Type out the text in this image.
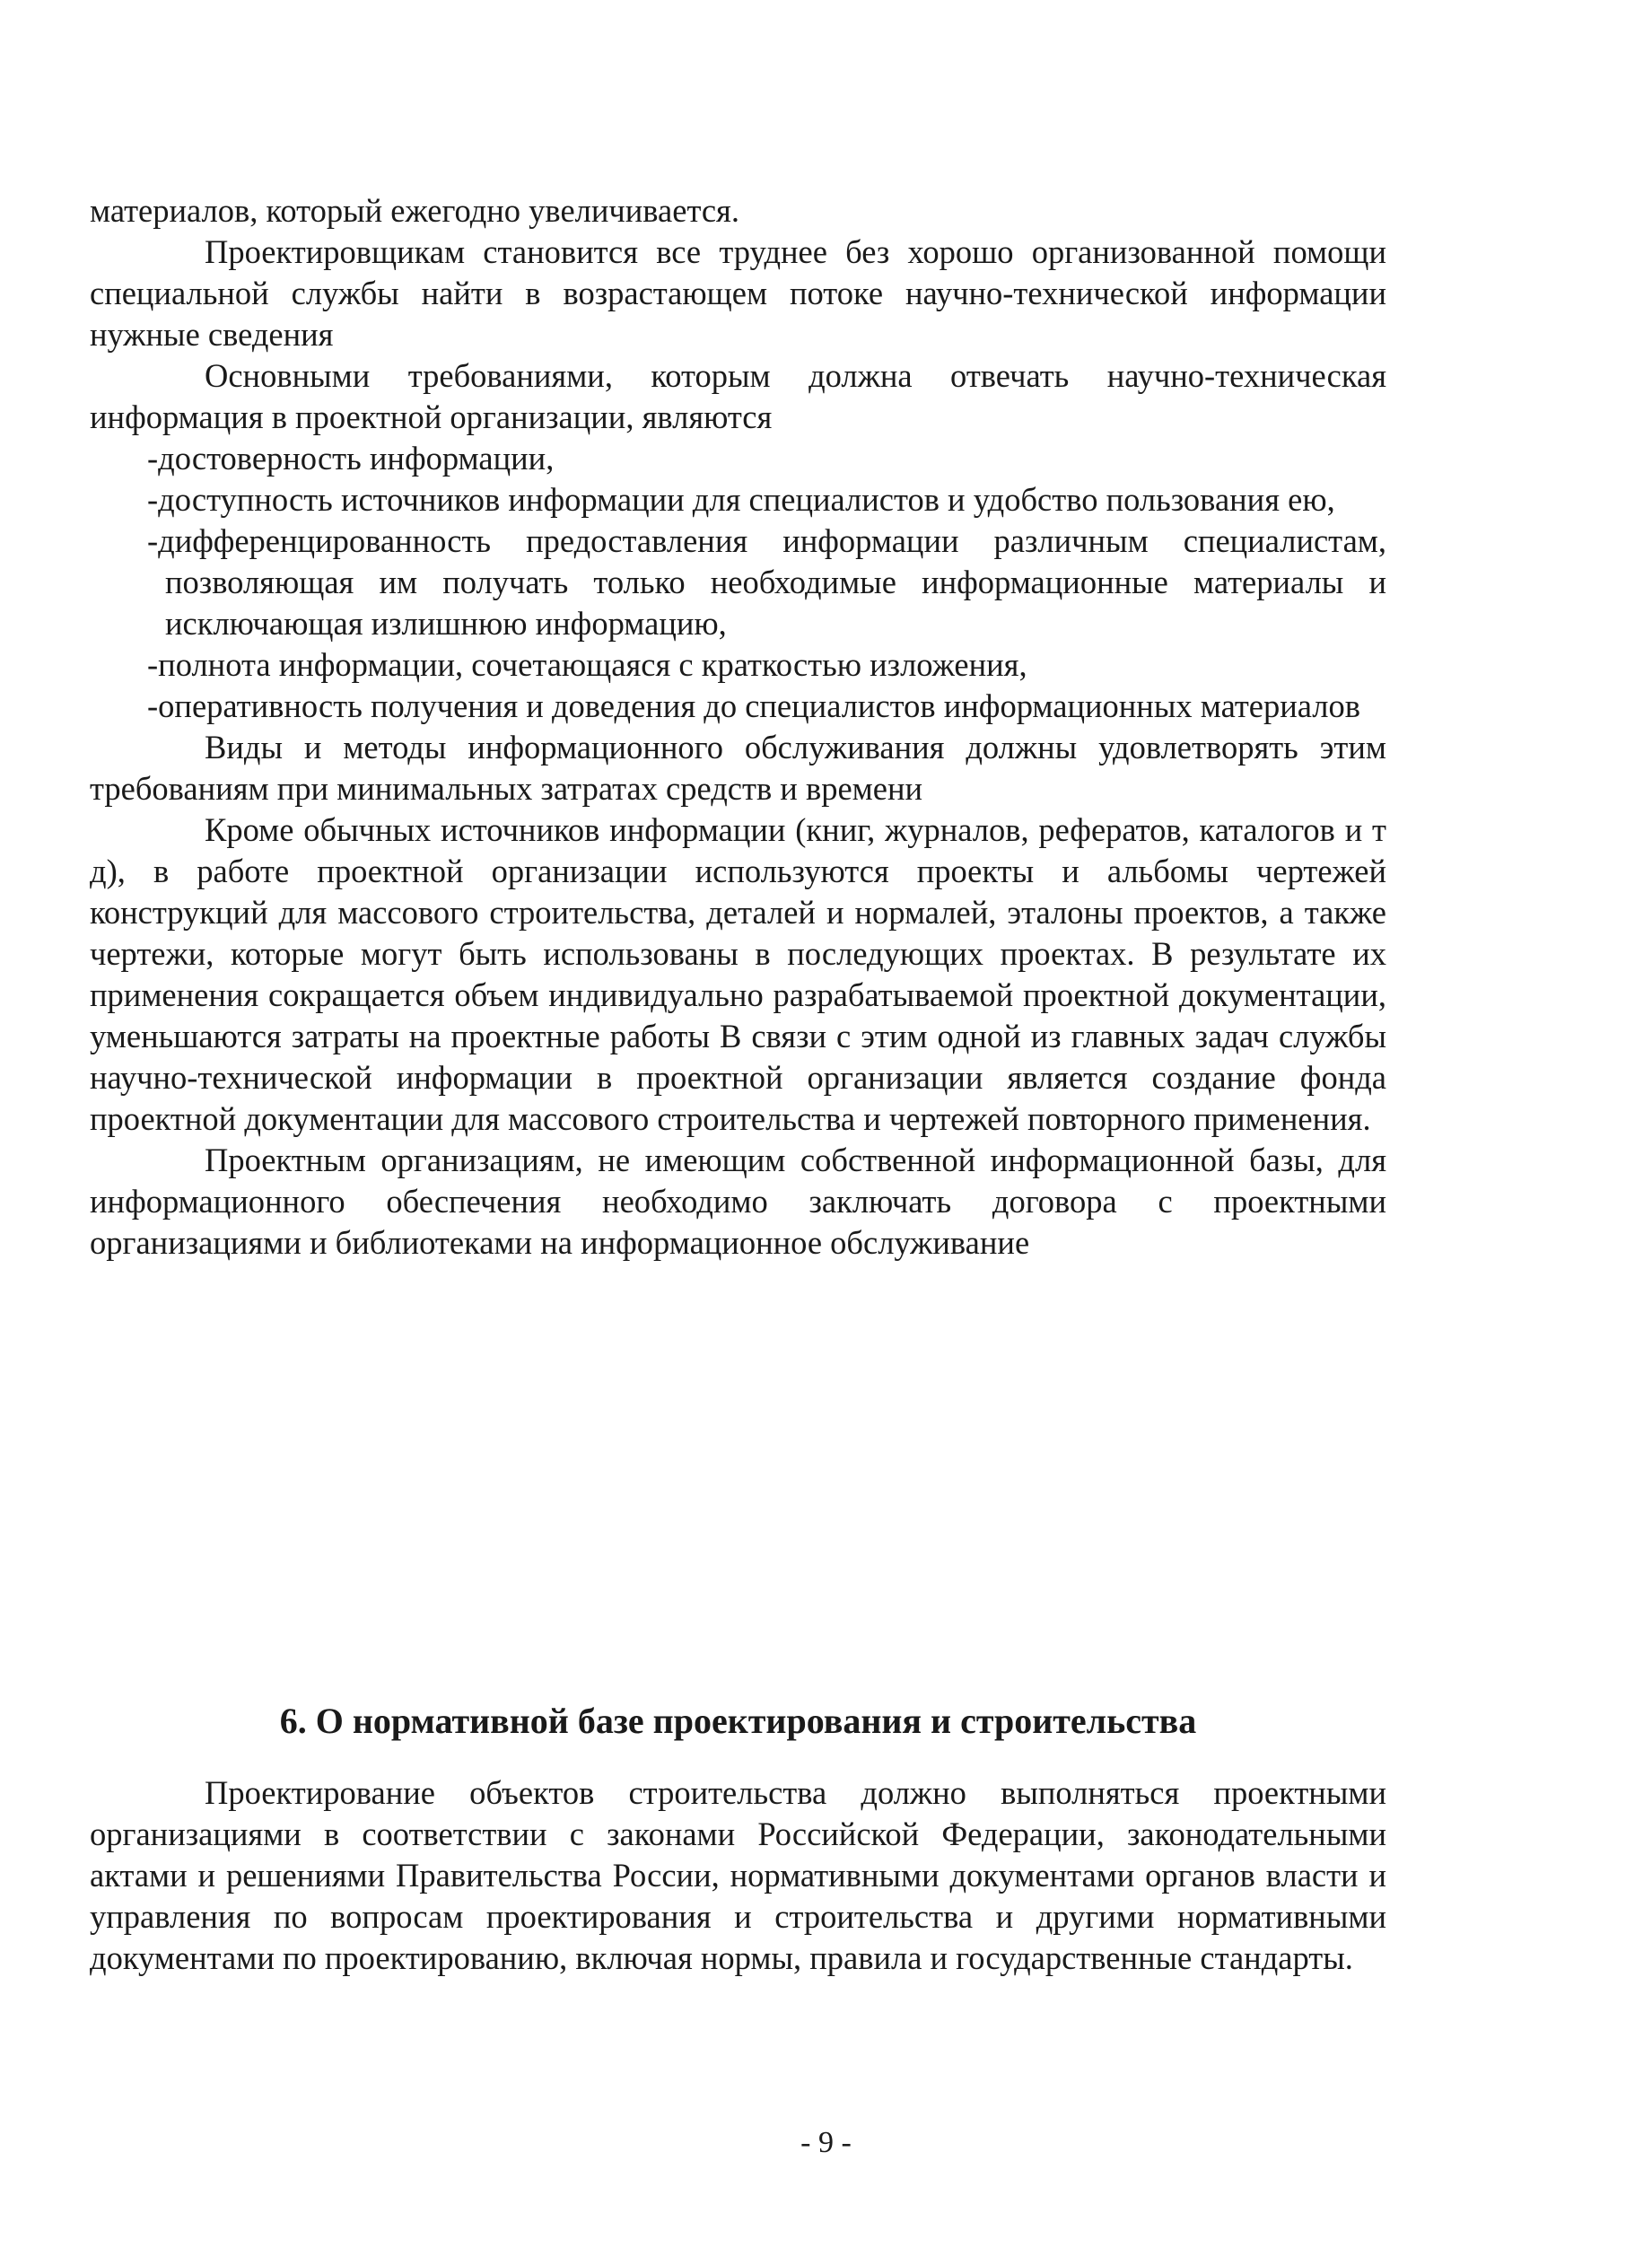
материалов, который ежегодно увеличивается.

Проектировщикам становится все труднее без хорошо организованной помощи специальной службы найти в возрастающем потоке научно-технической информации нужные сведения

Основными требованиями, которым должна отвечать научно-техническая информация в проектной организации, являются

-достоверность информации,

-доступность источников информации для специалистов и удобство пользования ею,

-дифференцированность предоставления информации различным специалистам, позволяющая им получать только необходимые информационные материалы и исключающая излишнюю информацию,

-полнота информации, сочетающаяся с краткостью изложения,

-оперативность получения и доведения до специалистов информационных материалов

Виды и методы информационного обслуживания должны удовлетворять этим требованиям при минимальных затратах средств и времени

Кроме обычных источников информации (книг, журналов, рефератов, каталогов и т д), в работе проектной организации используются проекты и альбомы чертежей конструкций для массового строительства, деталей и нормалей, эталоны проектов, а также чертежи, которые могут быть использованы в последующих проектах. В результате их применения сокращается объем индивидуально разрабатываемой проектной документации, уменьшаются затраты на проектные работы В связи с этим одной из главных задач службы научно-технической информации в проектной организации является создание фонда проектной документации для массового строительства и чертежей повторного применения.

Проектным организациям, не имеющим собственной информационной базы, для информационного обеспечения необходимо заключать договора с проектными организациями и библиотеками на информационное обслуживание

6. О нормативной базе проектирования и строительства

Проектирование объектов строительства должно выполняться проектными организациями в соответствии с законами Российской Федерации, законодательными актами и решениями Правительства России, нормативными документами органов власти и управления по вопросам проектирования и строительства и другими нормативными документами по проектированию, включая нормы, правила и государственные стандарты.

- 9 -
